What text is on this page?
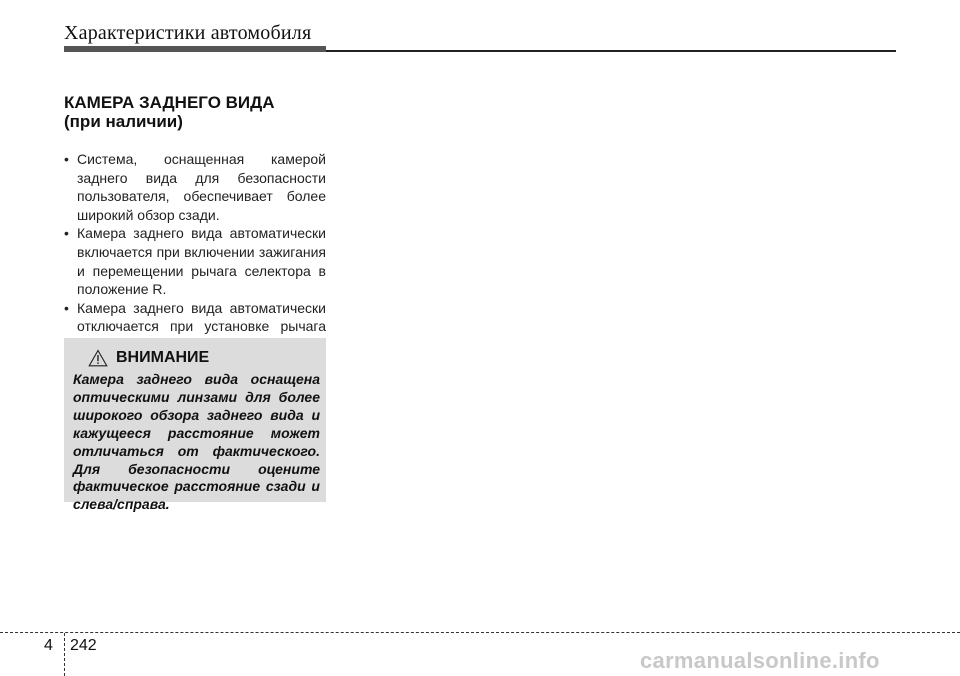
Характеристики автомобиля
КАМЕРА ЗАДНЕГО ВИДА
(при наличии)
• Система, оснащенная камерой заднего вида для безопасности пользователя, обеспечивает более широкий обзор сзади.
• Камера заднего вида автоматически включается при включении зажигания и перемещении рычага селектора в положение R.
• Камера заднего вида автоматически отключается при установке рычага
ВНИМАНИЕ
Камера заднего вида оснащена оптическими линзами для более широкого обзора заднего вида и кажущееся расстояние может отличаться от фактического. Для безопасности оцените фактическое расстояние сзади и слева/справа.
4 242
carmanualsonline.info
